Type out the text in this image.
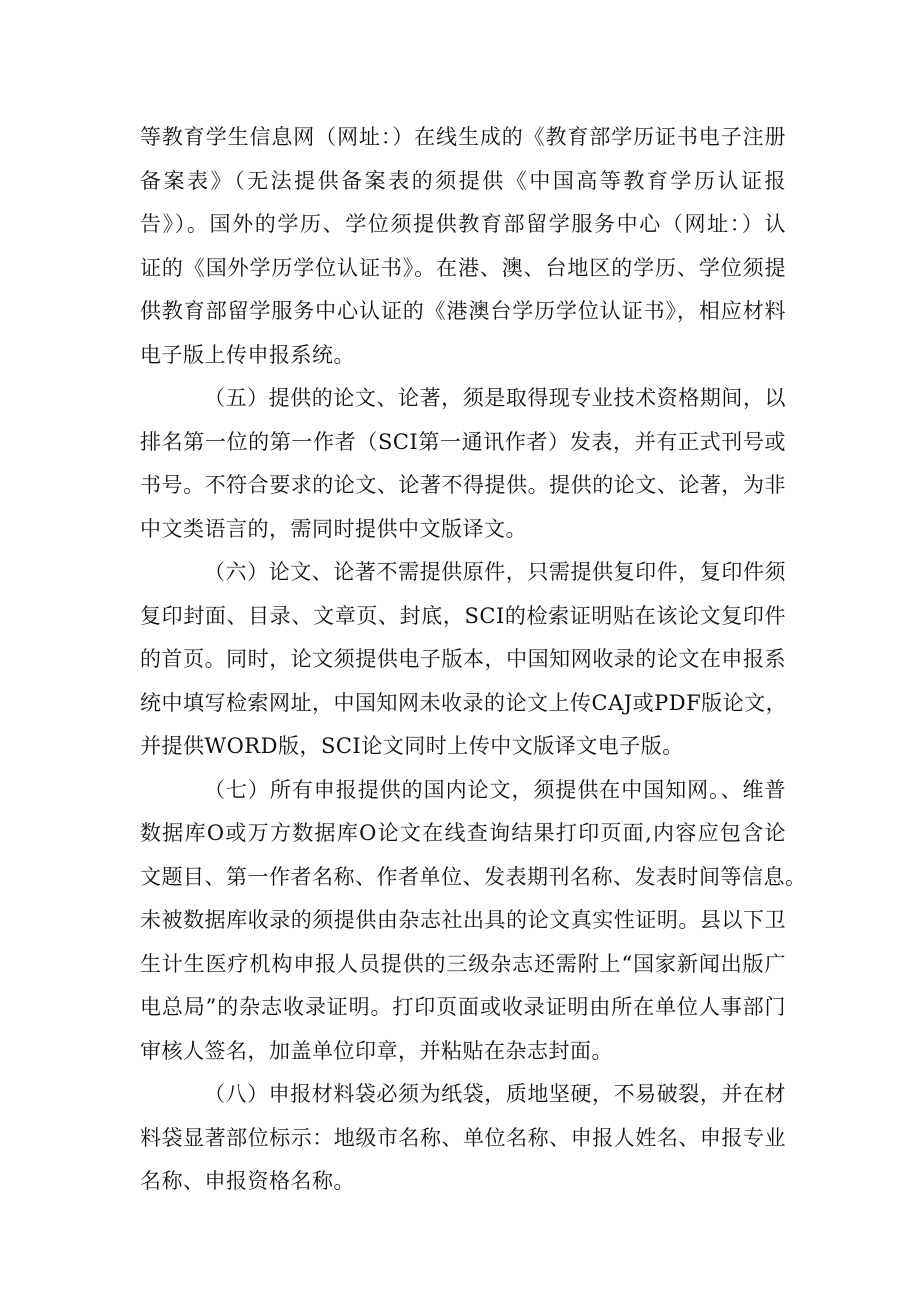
等教育学生信息网（网址：）在线生成的《教育部学历证书电子注册
备案表》（无法提供备案表的须提供《中国高等教育学历认证报
告》）。国外的学历、学位须提供教育部留学服务中心（网址：）认
证的《国外学历学位认证书》。在港、澳、台地区的学历、学位须提
供教育部留学服务中心认证的《港澳台学历学位认证书》，相应材料
电子版上传申报系统。
（五）提供的论文、论著，须是取得现专业技术资格期间，以
排名第一位的第一作者（SCI第一通讯作者）发表，并有正式刊号或
书号。不符合要求的论文、论著不得提供。提供的论文、论著，为非
中文类语言的，需同时提供中文版译文。
（六）论文、论著不需提供原件，只需提供复印件，复印件须
复印封面、目录、文章页、封底，SCI的检索证明贴在该论文复印件
的首页。同时，论文须提供电子版本，中国知网收录的论文在申报系
统中填写检索网址，中国知网未收录的论文上传CAJ或PDF版论文，
并提供WORD版，SCI论文同时上传中文版译文电子版。
（七）所有申报提供的国内论文，须提供在中国知网。、维普
数据库O或万方数据库O论文在线查询结果打印页面,内容应包含论
文题目、第一作者名称、作者单位、发表期刊名称、发表时间等信息。
未被数据库收录的须提供由杂志社出具的论文真实性证明。县以下卫
生计生医疗机构申报人员提供的三级杂志还需附上“国家新闻出版广
电总局”的杂志收录证明。打印页面或收录证明由所在单位人事部门
审核人签名，加盖单位印章，并粘贴在杂志封面。
（八）申报材料袋必须为纸袋，质地坚硬，不易破裂，并在材
料袋显著部位标示：地级市名称、单位名称、申报人姓名、申报专业
名称、申报资格名称。
